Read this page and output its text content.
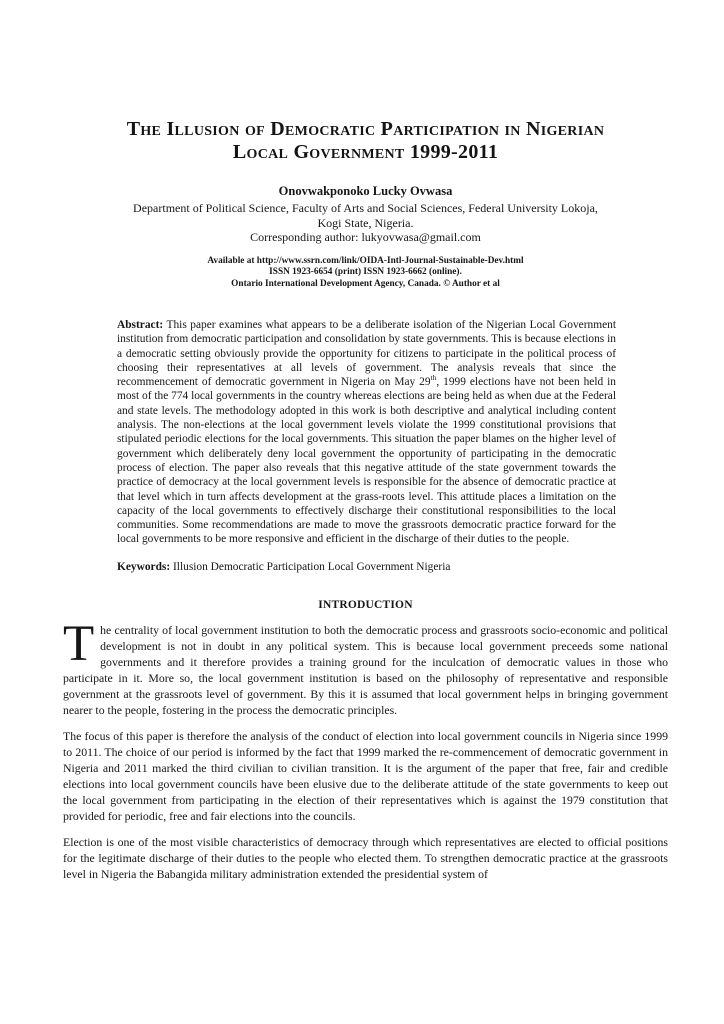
The Illusion of Democratic Participation in Nigerian
Local Government 1999-2011

Onovwakponoko Lucky Ovwasa

Department of Political Science, Faculty of Arts and Social Sciences, Federal University Lokoja,

Kogi State, Nigeria.

Corresponding author: lukyovwasa@gmail.com

Available at http://www.ssrn.com/link/OIDA-Intl-Journal-Sustainable-Dev.html

ISSN 1923-6654 (print) ISSN 1923-6662 (online).

Ontario International Development Agency, Canada. © Author et al

Abstract: This paper examines what appears to be a deliberate isolation of the Nigerian Local Government institution from democratic participation and consolidation by state governments. This is because elections in a democratic setting obviously provide the opportunity for citizens to participate in the political process of choosing their representatives at all levels of government. The analysis reveals that since the recommencement of democratic government in Nigeria on May 29th, 1999 elections have not been held in most of the 774 local governments in the country whereas elections are being held as when due at the Federal and state levels. The methodology adopted in this work is both descriptive and analytical including content analysis. The non-elections at the local government levels violate the 1999 constitutional provisions that stipulated periodic elections for the local governments. This situation the paper blames on the higher level of government which deliberately deny local government the opportunity of participating in the democratic process of election. The paper also reveals that this negative attitude of the state government towards the practice of democracy at the local government levels is responsible for the absence of democratic practice at that level which in turn affects development at the grass-roots level. This attitude places a limitation on the capacity of the local governments to effectively discharge their constitutional responsibilities to the local communities. Some recommendations are made to move the grassroots democratic practice forward for the local governments to be more responsive and efficient in the discharge of their duties to the people.

Keywords: Illusion Democratic Participation Local Government Nigeria

INTRODUCTION

The centrality of local government institution to both the democratic process and grassroots socio-economic and political development is not in doubt in any political system. This is because local government preceeds some national governments and it therefore provides a training ground for the inculcation of democratic values in those who participate in it. More so, the local government institution is based on the philosophy of representative and responsible government at the grassroots level of government. By this it is assumed that local government helps in bringing government nearer to the people, fostering in the process the democratic principles.

The focus of this paper is therefore the analysis of the conduct of election into local government councils in Nigeria since 1999 to 2011. The choice of our period is informed by the fact that 1999 marked the re-commencement of democratic government in Nigeria and 2011 marked the third civilian to civilian transition. It is the argument of the paper that free, fair and credible elections into local government councils have been elusive due to the deliberate attitude of the state governments to keep out the local government from participating in the election of their representatives which is against the 1979 constitution that provided for periodic, free and fair elections into the councils.

Election is one of the most visible characteristics of democracy through which representatives are elected to official positions for the legitimate discharge of their duties to the people who elected them. To strengthen democratic practice at the grassroots level in Nigeria the Babangida military administration extended the presidential system of
